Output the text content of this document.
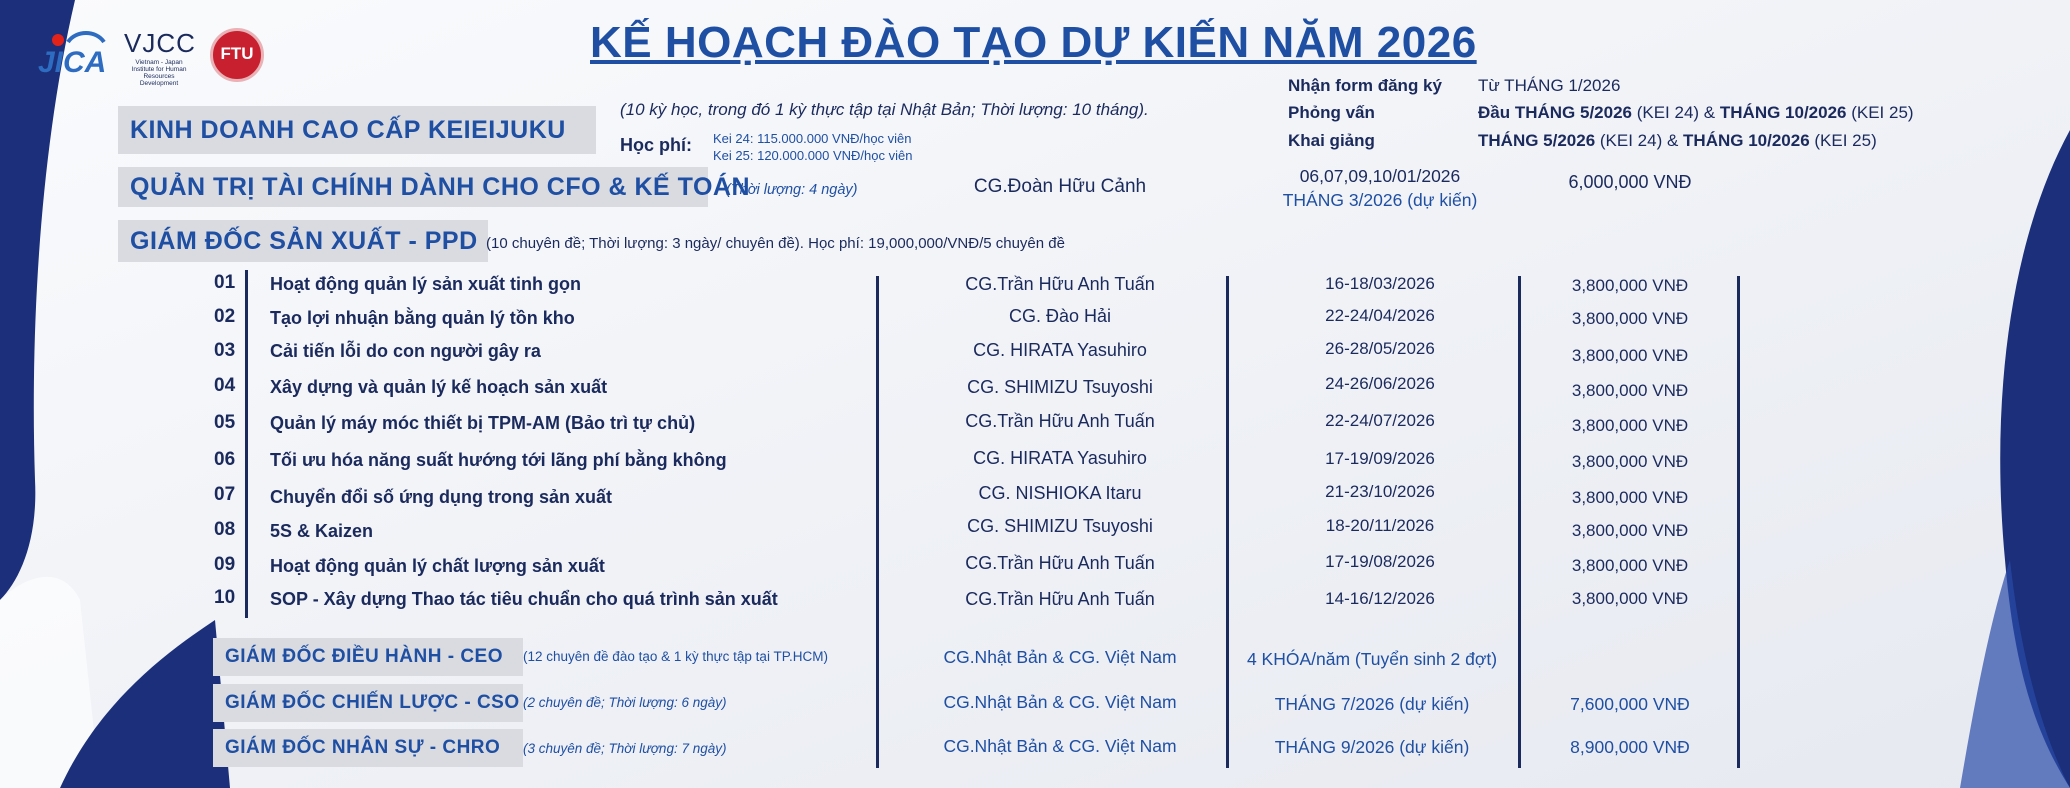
JICA
VJCC
Vietnam - Japan
Institute for Human
Resources Development
FTU	KẾ HOẠCH ĐÀO TẠO DỰ KIẾN NĂM 2026
KINH DOANH CAO CẤP KEIEIJUKU
(10 kỳ học, trong đó 1 kỳ thực tập tại Nhật Bản; Thời lượng: 10 tháng).
Học phí: Kei 24: 115.000.000 VNĐ/học viên
Kei 25: 120.000.000 VNĐ/học viên
Nhận form đăng ký Từ THÁNG 1/2026
Phỏng vấn	Đầu THÁNG 5/2026 (KEI 24) & THÁNG 10/2026 (KEI 25)
Khai giảng	THÁNG 5/2026 (KEI 24) & THÁNG 10/2026 (KEI 25)
QUẢN TRỊ TÀI CHÍNH DÀNH CHO CFO & KẾ TOÁN
(Thời lượng: 4 ngày)	CG.Đoàn Hữu Cảnh	06,07,09,10/01/2026
THÁNG 3/2026 (dự kiến)
6,000,000 VNĐ
GIÁM ĐỐC SẢN XUẤT - PPD (10 chuyên đề; Thời lượng: 3 ngày/ chuyên đề). Học phí: 19,000,000/VNĐ/5 chuyên đề
01	Hoạt động quản lý sản xuất tinh gọn	CG.Trần Hữu Anh Tuấn	16-18/03/2026	3,800,000 VNĐ
02	Tạo lợi nhuận bằng quản lý tồn kho	CG. Đào Hải	22-24/04/2026	3,800,000 VNĐ
03	Cải tiến lỗi do con người gây ra	CG. HIRATA Yasuhiro	26-28/05/2026	3,800,000 VNĐ
04	Xây dựng và quản lý kế hoạch sản xuất	CG. SHIMIZU Tsuyoshi	24-26/06/2026	3,800,000 VNĐ
05	Quản lý máy móc thiết bị TPM-AM (Bảo trì tự chủ)	CG.Trần Hữu Anh Tuấn	22-24/07/2026	3,800,000 VNĐ
06	Tối ưu hóa năng suất hướng tới lãng phí bằng không	CG. HIRATA Yasuhiro	17-19/09/2026	3,800,000 VNĐ
07	Chuyển đổi số ứng dụng trong sản xuất	CG. NISHIOKA Itaru	21-23/10/2026	3,800,000 VNĐ
08	5S & Kaizen	CG. SHIMIZU Tsuyoshi	18-20/11/2026	3,800,000 VNĐ
09	Hoạt động quản lý chất lượng sản xuất	CG.Trần Hữu Anh Tuấn	17-19/08/2026	3,800,000 VNĐ
10	SOP - Xây dựng Thao tác tiêu chuẩn cho quá trình sản xuất	CG.Trần Hữu Anh Tuấn	14-16/12/2026	3,800,000 VNĐ
GIÁM ĐỐC ĐIỀU HÀNH - CEO	(12 chuyên đề đào tạo & 1 kỳ thực tập tại TP.HCM)	CG.Nhật Bản & CG. Việt Nam	4 KHÓA/năm (Tuyển sinh 2 đợt)
GIÁM ĐỐC CHIẾN LƯỢC - CSO (2 chuyên đề; Thời lượng: 6 ngày)	CG.Nhật Bản & CG. Việt Nam	THÁNG 7/2026 (dự kiến)	7,600,000 VNĐ
GIÁM ĐỐC NHÂN SỰ - CHRO	(3 chuyên đề; Thời lượng: 7 ngày)	CG.Nhật Bản & CG. Việt Nam	THÁNG 9/2026 (dự kiến)	8,900,000 VNĐ
